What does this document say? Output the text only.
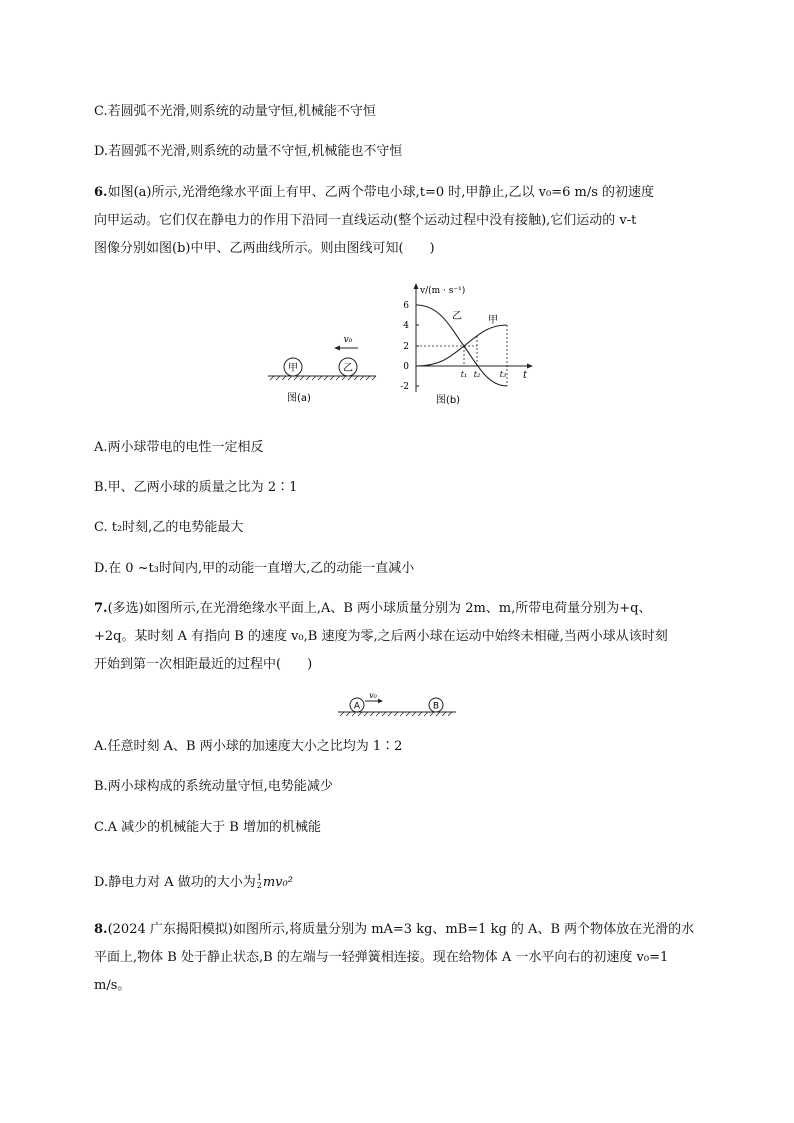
C.若圆弧不光滑,则系统的动量守恒,机械能不守恒
D.若圆弧不光滑,则系统的动量不守恒,机械能也不守恒
6.如图(a)所示,光滑绝缘水平面上有甲、乙两个带电小球,t=0 时,甲静止,乙以 v₀=6 m/s 的初速度
向甲运动。它们仅在静电力的作用下沿同一直线运动(整个运动过程中没有接触),它们运动的 v-t
图像分别如图(b)中甲、乙两曲线所示。则由图线可知(　　)
甲	乙
v₀
图(a)
v/(m · s⁻¹)
t
6
4
2
0
-2
乙	甲
t₁ t₂ t₃
图(b)
A.两小球带电的电性一定相反
B.甲、乙两小球的质量之比为 2∶1
C. t₂时刻,乙的电势能最大
D.在 0 ~t₃时间内,甲的动能一直增大,乙的动能一直减小
7.(多选)如图所示,在光滑绝缘水平面上,A、B 两小球质量分别为 2m、m,所带电荷量分别为+q、
+2q。某时刻 A 有指向 B 的速度 v₀,B 速度为零,之后两小球在运动中始终未相碰,当两小球从该时刻
开始到第一次相距最近的过程中(　　)
A	B
v₀
A.任意时刻 A、B 两小球的加速度大小之比均为 1∶2
B.两小球构成的系统动量守恒,电势能减少
C.A 减少的机械能大于 B 增加的机械能
D.静电力对 A 做功的大小为 1
2 mv₀²
8.(2024 广东揭阳模拟)如图所示,将质量分别为 mA=3 kg、mB=1 kg 的 A、B 两个物体放在光滑的水
平面上,物体 B 处于静止状态,B 的左端与一轻弹簧相连接。现在给物体 A 一水平向右的初速度 v₀=1
m/s。
